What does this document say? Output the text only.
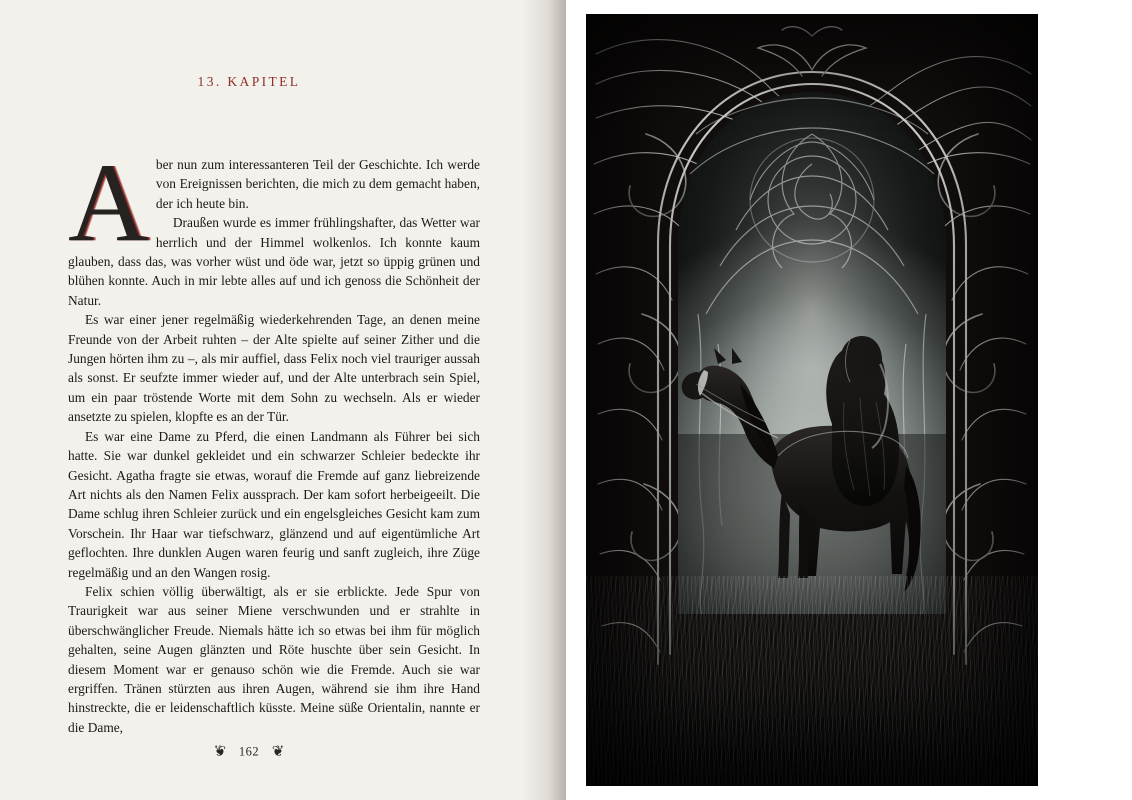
13. KAPITEL

Aber nun zum interessanteren Teil der Geschichte. Ich werde von Ereignissen berichten, die mich zu dem gemacht haben, der ich heute bin.

Draußen wurde es immer frühlingshafter, das Wetter war herrlich und der Himmel wolkenlos. Ich konnte kaum glauben, dass das, was vorher wüst und öde war, jetzt so üppig grünen und blühen konnte. Auch in mir lebte alles auf und ich genoss die Schönheit der Natur.

Es war einer jener regelmäßig wiederkehrenden Tage, an denen meine Freunde von der Arbeit ruhten – der Alte spielte auf seiner Zither und die Jungen hörten ihm zu –, als mir auffiel, dass Felix noch viel trauriger aussah als sonst. Er seufzte immer wieder auf, und der Alte unterbrach sein Spiel, um ein paar tröstende Worte mit dem Sohn zu wechseln. Als er wieder ansetzte zu spielen, klopfte es an der Tür.

Es war eine Dame zu Pferd, die einen Landmann als Führer bei sich hatte. Sie war dunkel gekleidet und ein schwarzer Schleier bedeckte ihr Gesicht. Agatha fragte sie etwas, worauf die Fremde auf ganz liebreizende Art nichts als den Namen Felix aussprach. Der kam sofort herbeigeeilt. Die Dame schlug ihren Schleier zurück und ein engelsgleiches Gesicht kam zum Vorschein. Ihr Haar war tiefschwarz, glänzend und auf eigentümliche Art geflochten. Ihre dunklen Augen waren feurig und sanft zugleich, ihre Züge regelmäßig und an den Wangen rosig.

Felix schien völlig überwältigt, als er sie erblickte. Jede Spur von Traurigkeit war aus seiner Miene verschwunden und er strahlte in überschwänglicher Freude. Niemals hätte ich so etwas bei ihm für möglich gehalten, seine Augen glänzten und Röte huschte über sein Gesicht. In diesem Moment war er genauso schön wie die Fremde. Auch sie war ergriffen. Tränen stürzten aus ihren Augen, während sie ihm ihre Hand hinstreckte, die er leidenschaftlich küsste. Meine süße Orientalin, nannte er die Dame,

❦ 162 ❦
